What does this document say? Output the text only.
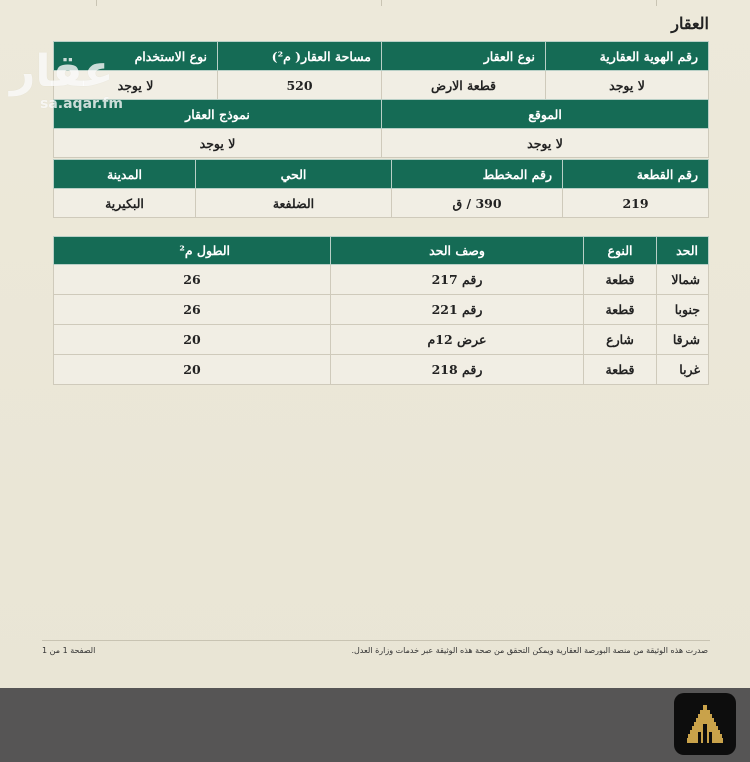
العقار
رقم الهوية العقارية	نوع العقار	مساحة العقار( م²)	نوع الاستخدام
لا يوجد	قطعة الارض	520	لا يوجد
الموقع	نموذج العقار
لا يوجد	لا يوجد
رقم القطعة	رقم المخطط	الحي	المدينة
219	390 / ق	الضلفعة	البكيرية
الحد	النوع	وصف الحد	الطول م²
شمالا	قطعة	رقم 217	26
جنوبا	قطعة	رقم 221	26
شرقا	شارع	عرض 12م	20
غربا	قطعة	رقم 218	20
عقار
sa.aqar.fm
صدرت هذه الوثيقة من منصة البورصة العقارية ويمكن التحقق من صحة هذه الوثيقة عبر خدمات وزارة العدل.
الصفحة 1 من 1
